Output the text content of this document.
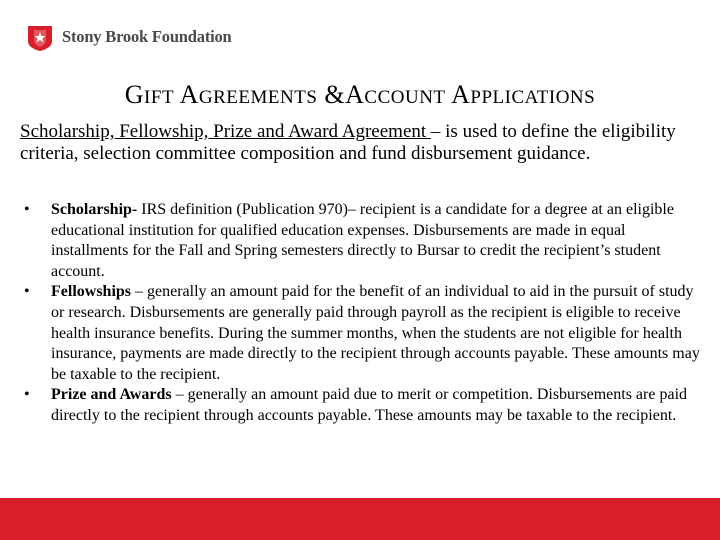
Stony Brook Foundation
GIFT AGREEMENTS &ACCOUNT APPLICATIONS
Scholarship, Fellowship, Prize and Award Agreement – is used to define the eligibility criteria, selection committee composition and fund disbursement guidance.
• Scholarship- IRS definition (Publication 970)– recipient is a candidate for a degree at an eligible educational institution for qualified education expenses. Disbursements are made in equal installments for the Fall and Spring semesters directly to Bursar to credit the recipient’s student account.
• Fellowships – generally an amount paid for the benefit of an individual to aid in the pursuit of study or research. Disbursements are generally paid through payroll as the recipient is eligible to receive health insurance benefits. During the summer months, when the students are not eligible for health insurance, payments are made directly to the recipient through accounts payable. These amounts may be taxable to the recipient.
• Prize and Awards – generally an amount paid due to merit or competition. Disbursements are paid directly to the recipient through accounts payable. These amounts may be taxable to the recipient.
